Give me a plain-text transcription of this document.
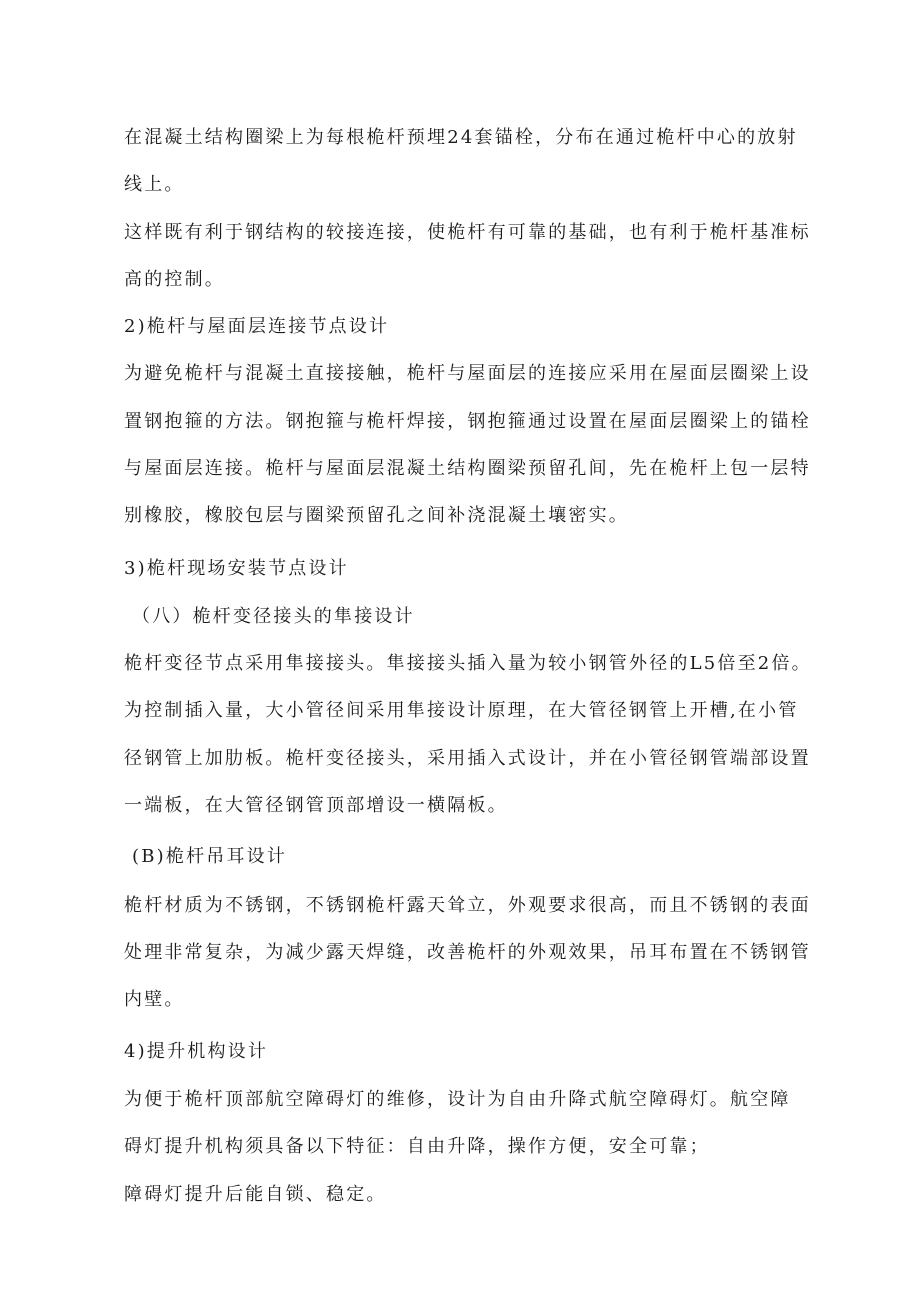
在混凝土结构圈梁上为每根桅杆预埋24套锚栓，分布在通过桅杆中心的放射
线上。
这样既有利于钢结构的较接连接，使桅杆有可靠的基础，也有利于桅杆基准标
高的控制。
2)桅杆与屋面层连接节点设计
为避免桅杆与混凝土直接接触，桅杆与屋面层的连接应采用在屋面层圈梁上设
置钢抱箍的方法。钢抱箍与桅杆焊接，钢抱箍通过设置在屋面层圈梁上的锚栓
与屋面层连接。桅杆与屋面层混凝土结构圈梁预留孔间，先在桅杆上包一层特
别橡胶，橡胶包层与圈梁预留孔之间补浇混凝土壤密实。
3)桅杆现场安装节点设计
（八）桅杆变径接头的隼接设计
桅杆变径节点采用隼接接头。隼接接头插入量为较小钢管外径的L5倍至2倍。
为控制插入量，大小管径间采用隼接设计原理，在大管径钢管上开槽,在小管
径钢管上加肋板。桅杆变径接头，采用插入式设计，并在小管径钢管端部设置
一端板，在大管径钢管顶部增设一横隔板。
(B)桅杆吊耳设计
桅杆材质为不锈钢，不锈钢桅杆露天耸立，外观要求很高，而且不锈钢的表面
处理非常复杂，为减少露天焊缝，改善桅杆的外观效果，吊耳布置在不锈钢管
内壁。
4)提升机构设计
为便于桅杆顶部航空障碍灯的维修，设计为自由升降式航空障碍灯。航空障
碍灯提升机构须具备以下特征：自由升降，操作方便，安全可靠；
障碍灯提升后能自锁、稳定。
